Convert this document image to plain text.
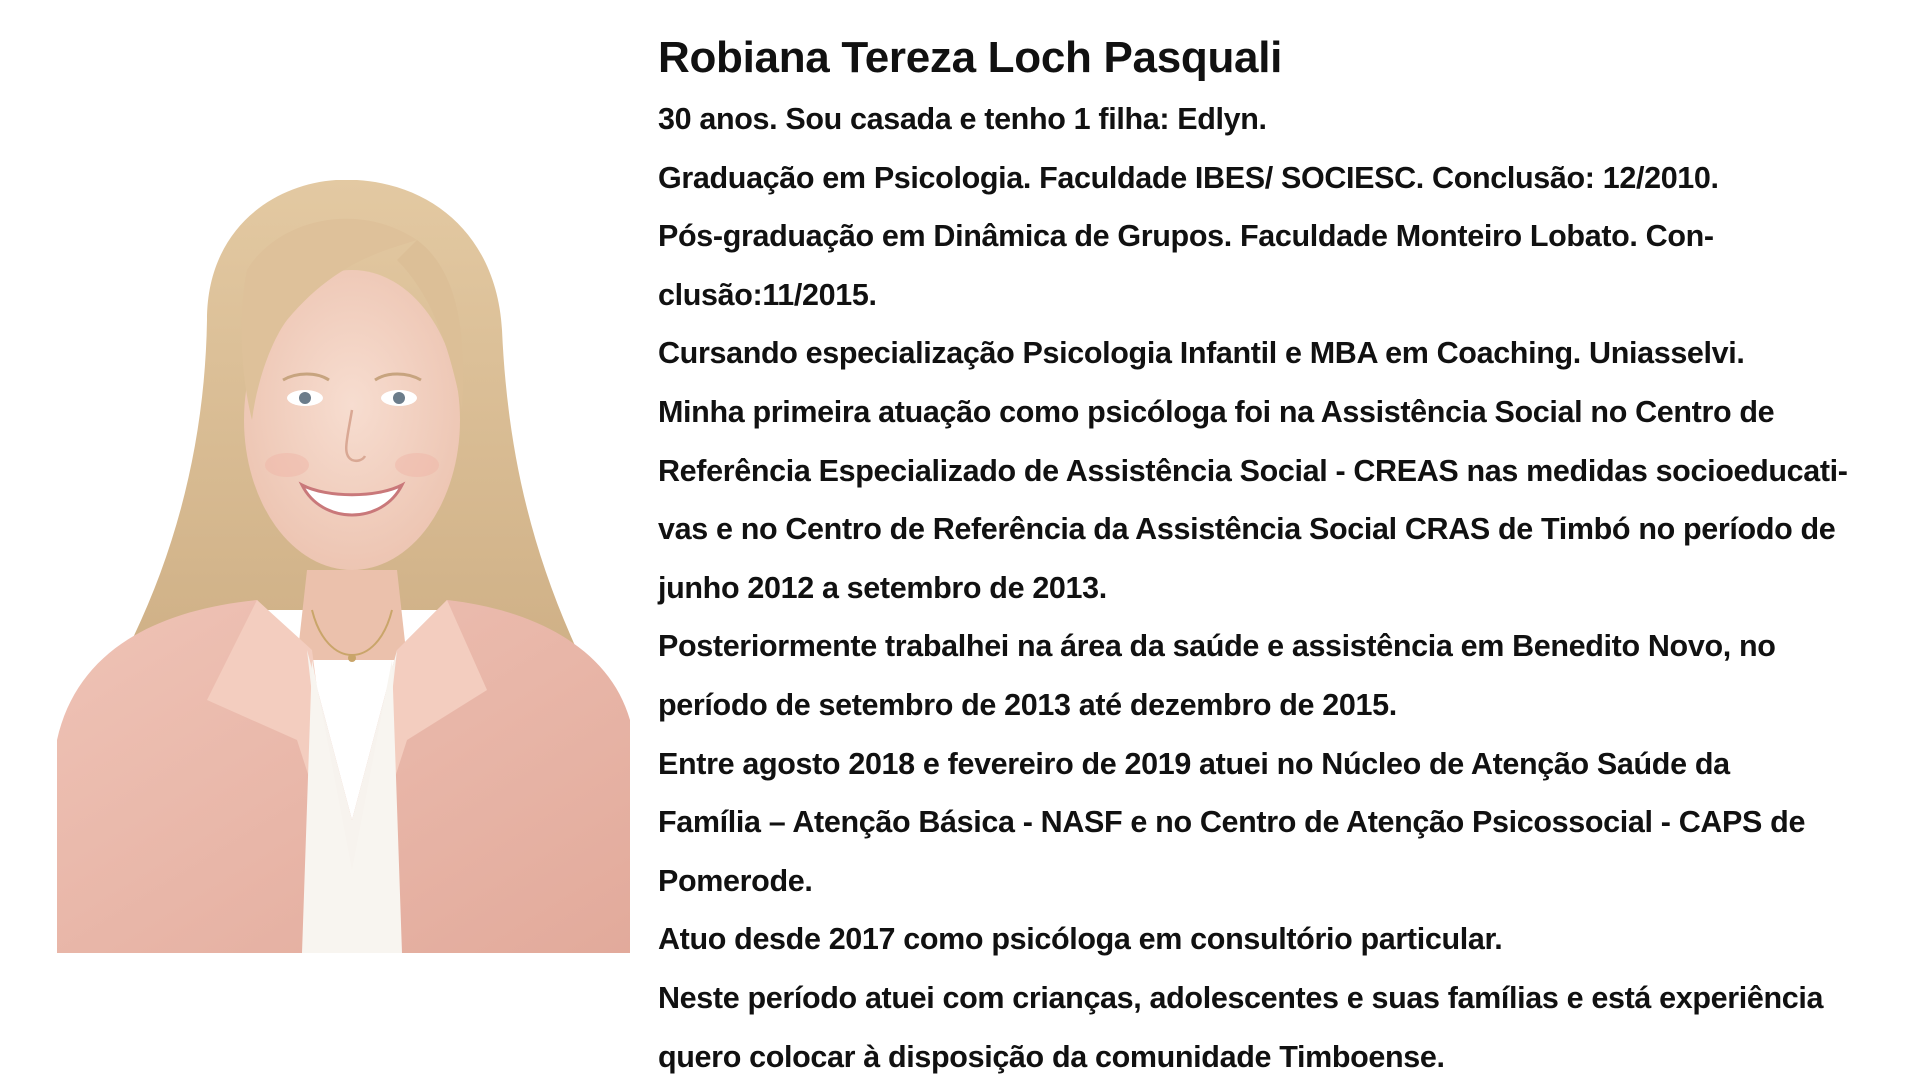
Robiana Tereza Loch Pasquali
30 anos. Sou casada e tenho 1 filha: Edlyn.
Graduação em Psicologia. Faculdade IBES/ SOCIESC. Conclusão: 12/2010.
Pós-graduação em Dinâmica de Grupos. Faculdade Monteiro Lobato. Con-
clusão:11/2015.
Cursando especialização Psicologia Infantil e MBA em Coaching. Uniasselvi.
Minha primeira atuação como psicóloga foi na Assistência Social no Centro de
Referência Especializado de Assistência Social - CREAS nas medidas socioeducati-
vas e no Centro de Referência da Assistência Social CRAS de Timbó no período de
junho 2012 a setembro de 2013.
Posteriormente trabalhei na área da saúde e assistência em Benedito Novo, no
período de setembro de 2013 até dezembro de 2015.
Entre agosto 2018 e fevereiro de 2019 atuei no Núcleo de Atenção Saúde da
Família – Atenção Básica - NASF e no Centro de Atenção Psicossocial - CAPS de
Pomerode.
Atuo desde 2017 como psicóloga em consultório particular.
Neste período atuei com crianças, adolescentes e suas famílias e está experiência
quero colocar à disposição da comunidade Timboense.
